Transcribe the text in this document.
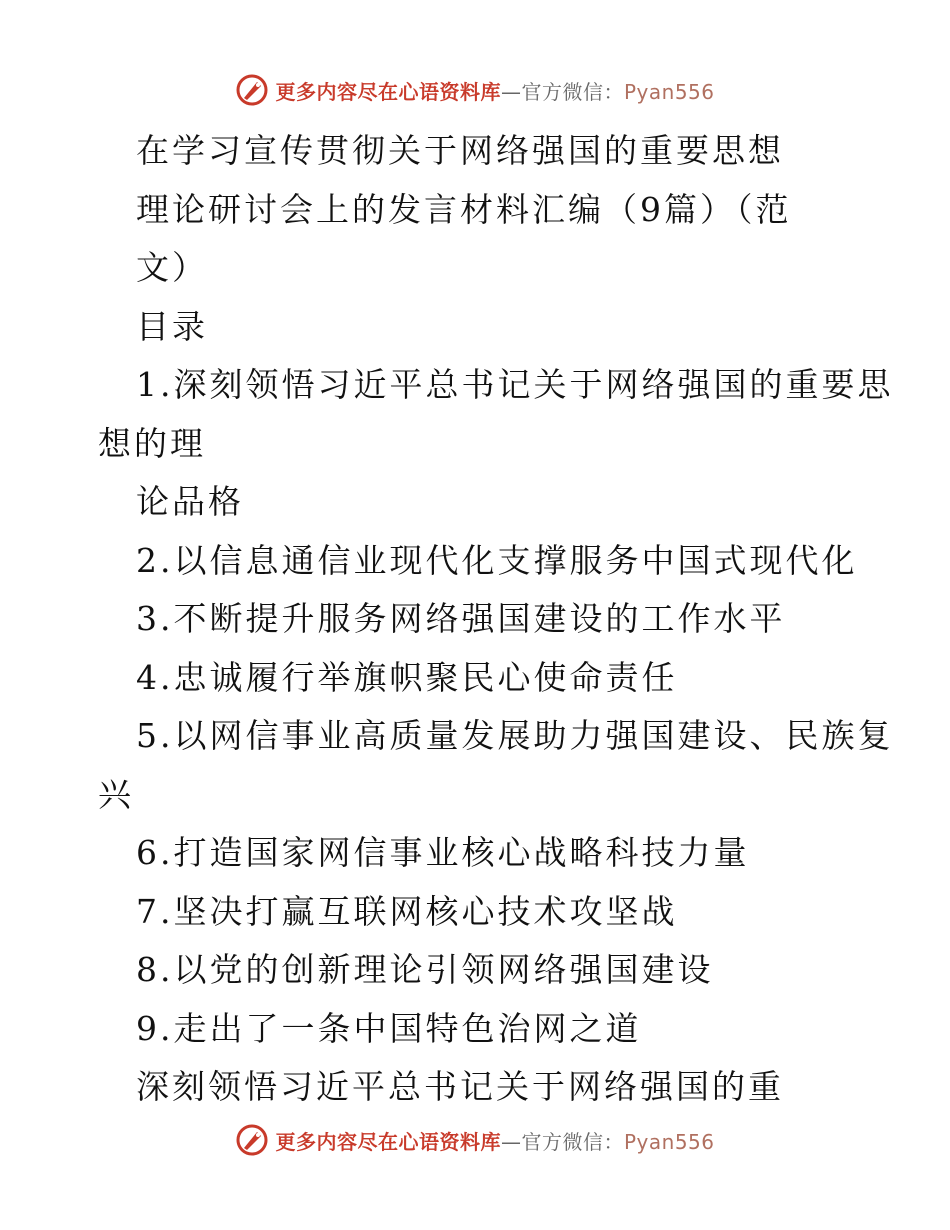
更多内容尽在心语资料库—官方微信：Pyan556
在学习宣传贯彻关于网络强国的重要思想
理论研讨会上的发言材料汇编（9篇）（范
文）
目录
1.深刻领悟习近平总书记关于网络强国的重要思
想的理
论品格
2.以信息通信业现代化支撑服务中国式现代化
3.不断提升服务网络强国建设的工作水平
4.忠诚履行举旗帜聚民心使命责任
5.以网信事业高质量发展助力强国建设、民族复
兴
6.打造国家网信事业核心战略科技力量
7.坚决打赢互联网核心技术攻坚战
8.以党的创新理论引领网络强国建设
9.走出了一条中国特色治网之道
深刻领悟习近平总书记关于网络强国的重
更多内容尽在心语资料库—官方微信：Pyan556
